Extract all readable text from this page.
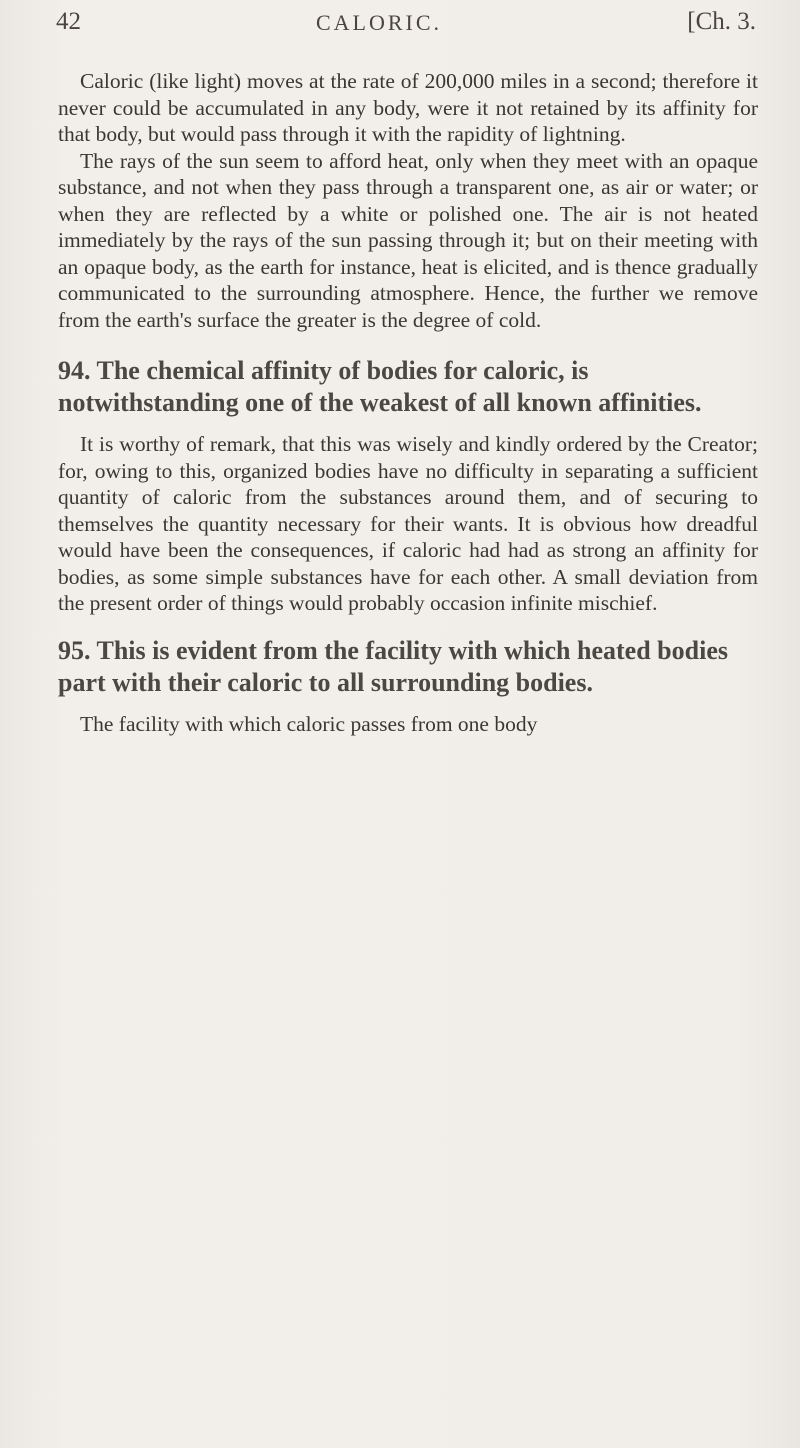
42	CALORIC.	[Ch. 3.

Caloric (like light) moves at the rate of 200,000 miles in a second; therefore it never could be accumulated in any body, were it not retained by its affinity for that body, but would pass through it with the rapidity of lightning.

The rays of the sun seem to afford heat, only when they meet with an opaque substance, and not when they pass through a transparent one, as air or water; or when they are reflected by a white or polished one. The air is not heated immediately by the rays of the sun passing through it; but on their meeting with an opaque body, as the earth for instance, heat is elicited, and is thence gradually communicated to the surrounding atmosphere. Hence, the further we remove from the earth's surface the greater is the degree of cold.

94. The chemical affinity of bodies for caloric, is notwithstanding one of the weakest of all known affinities.

It is worthy of remark, that this was wisely and kindly ordered by the Creator; for, owing to this, organized bodies have no difficulty in separating a sufficient quantity of caloric from the substances around them, and of securing to themselves the quantity necessary for their wants. It is obvious how dreadful would have been the consequences, if caloric had had as strong an affinity for bodies, as some simple substances have for each other. A small deviation from the present order of things would probably occasion infinite mischief.

95. This is evident from the facility with which heated bodies part with their caloric to all surrounding bodies.

The facility with which caloric passes from one body
